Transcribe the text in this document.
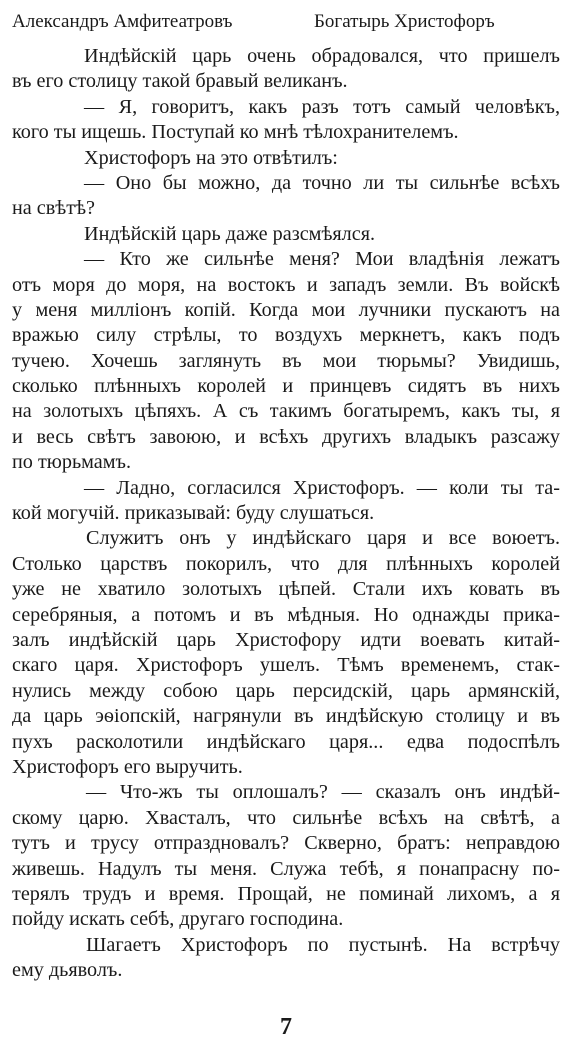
Александръ Амфитеатровъ	Богатырь Христофоръ
Индѣйскій царь очень обрадовался, что пришелъ
въ его столицу такой бравый великанъ.
— Я, говоритъ, какъ разъ тотъ самый человѣкъ,
кого ты ищешь. Поступай ко мнѣ тѣлохранителемъ.
Христофоръ на это отвѣтилъ:
— Оно бы можно, да точно ли ты сильнѣе всѣхъ
на свѣтѣ?
Индѣйскій царь даже разсмѣялся.
— Кто же сильнѣе меня? Мои владѣнія лежатъ
отъ моря до моря, на востокъ и западъ земли. Въ войскѣ
у меня милліонъ копій. Когда мои лучники пускаютъ на
вражью силу стрѣлы, то воздухъ меркнетъ, какъ подъ
тучею. Хочешь заглянуть въ мои тюрьмы? Увидишь,
сколько плѣнныхъ королей и принцевъ сидятъ въ нихъ
на золотыхъ цѣпяхъ. А съ такимъ богатыремъ, какъ ты, я
и весь свѣтъ завоюю, и всѣхъ другихъ владыкъ разсажу
по тюрьмамъ.
— Ладно, согласился Христофоръ. — коли ты та-
кой могучій. приказывай: буду слушаться.
Служитъ онъ у индѣйскаго царя и все воюетъ.
Столько царствъ покорилъ, что для плѣнныхъ королей
уже не хватило золотыхъ цѣпей. Стали ихъ ковать въ
серебряныя, а потомъ и въ мѣдныя. Но однажды прика-
залъ индѣйскій царь Христофору идти воевать китай-
скаго царя. Христофоръ ушелъ. Тѣмъ временемъ, стак-
нулись между собою царь персидскій, царь армянскій,
да царь эѳіопскій, нагрянули въ индѣйскую столицу и въ
пухъ расколотили индѣйскаго царя... едва подоспѣлъ
Христофоръ его выручить.
— Что-жъ ты оплошалъ? — сказалъ онъ индѣй-
скому царю. Хвасталъ, что сильнѣе всѣхъ на свѣтѣ, а
тутъ и трусу отпраздновалъ? Скверно, братъ: неправдою
живешь. Надулъ ты меня. Служа тебѣ, я понапрасну по-
терялъ трудъ и время. Прощай, не поминай лихомъ, а я
пойду искать себѣ, другаго господина.
Шагаетъ Христофоръ по пустынѣ. На встрѣчу
ему дьяволъ.
7
